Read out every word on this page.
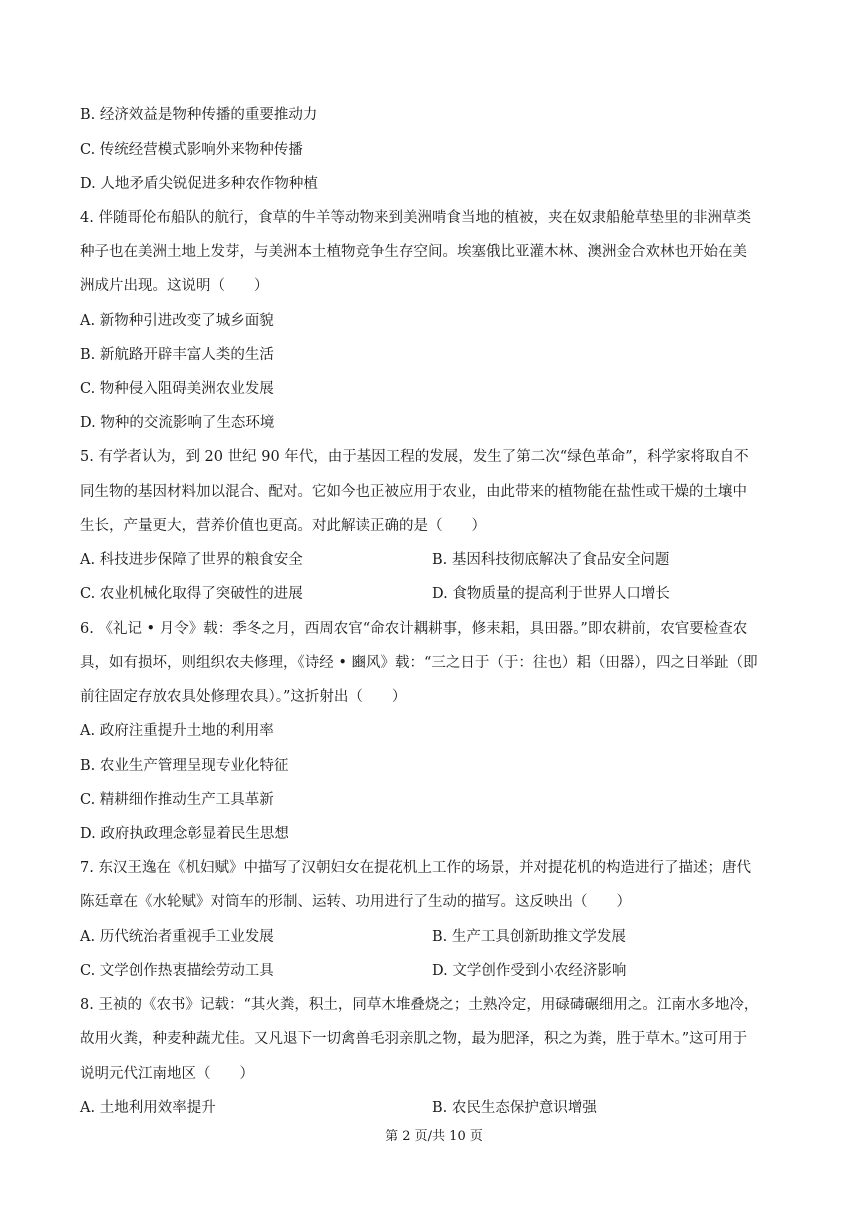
B. 经济效益是物种传播的重要推动力
C. 传统经营模式影响外来物种传播
D. 人地矛盾尖锐促进多种农作物种植
4. 伴随哥伦布船队的航行，食草的牛羊等动物来到美洲啃食当地的植被，夹在奴隶船舱草垫里的非洲草类
种子也在美洲土地上发芽，与美洲本土植物竞争生存空间。埃塞俄比亚灌木林、澳洲金合欢林也开始在美
洲成片出现。这说明（　　）
A. 新物种引进改变了城乡面貌
B. 新航路开辟丰富人类的生活
C. 物种侵入阻碍美洲农业发展
D. 物种的交流影响了生态环境
5. 有学者认为，到 20 世纪 90 年代，由于基因工程的发展，发生了第二次“绿色革命”，科学家将取自不
同生物的基因材料加以混合、配对。它如今也正被应用于农业，由此带来的植物能在盐性或干燥的土壤中
生长，产量更大，营养价值也更高。对此解读正确的是（　　）
A. 科技进步保障了世界的粮食安全	B. 基因科技彻底解决了食品安全问题
C. 农业机械化取得了突破性的进展	D. 食物质量的提高利于世界人口增长
6. 《礼记 • 月令》载：季冬之月，西周农官“命农计耦耕事，修耒耜，具田器。”即农耕前，农官要检查农
具，如有损坏，则组织农夫修理，《诗经 • 豳风》载：“三之日于（于：往也）耜（田器），四之日举趾（即
前往固定存放农具处修理农具）。”这折射出（　　）
A. 政府注重提升土地的利用率
B. 农业生产管理呈现专业化特征
C. 精耕细作推动生产工具革新
D. 政府执政理念彰显着民生思想
7. 东汉王逸在《机妇赋》中描写了汉朝妇女在提花机上工作的场景，并对提花机的构造进行了描述；唐代
陈廷章在《水轮赋》对筒车的形制、运转、功用进行了生动的描写。这反映出（　　）
A. 历代统治者重视手工业发展	B. 生产工具创新助推文学发展
C. 文学创作热衷描绘劳动工具	D. 文学创作受到小农经济影响
8. 王祯的《农书》记载：“其火粪，积土，同草木堆叠烧之；土熟冷定，用碌碡碾细用之。江南水多地冷，
故用火粪，种麦种蔬尤佳。又凡退下一切禽兽毛羽亲肌之物，最为肥泽，积之为粪，胜于草木。”这可用于
说明元代江南地区（　　）
A. 土地利用效率提升	B. 农民生态保护意识增强
第 2 页/共 10 页
